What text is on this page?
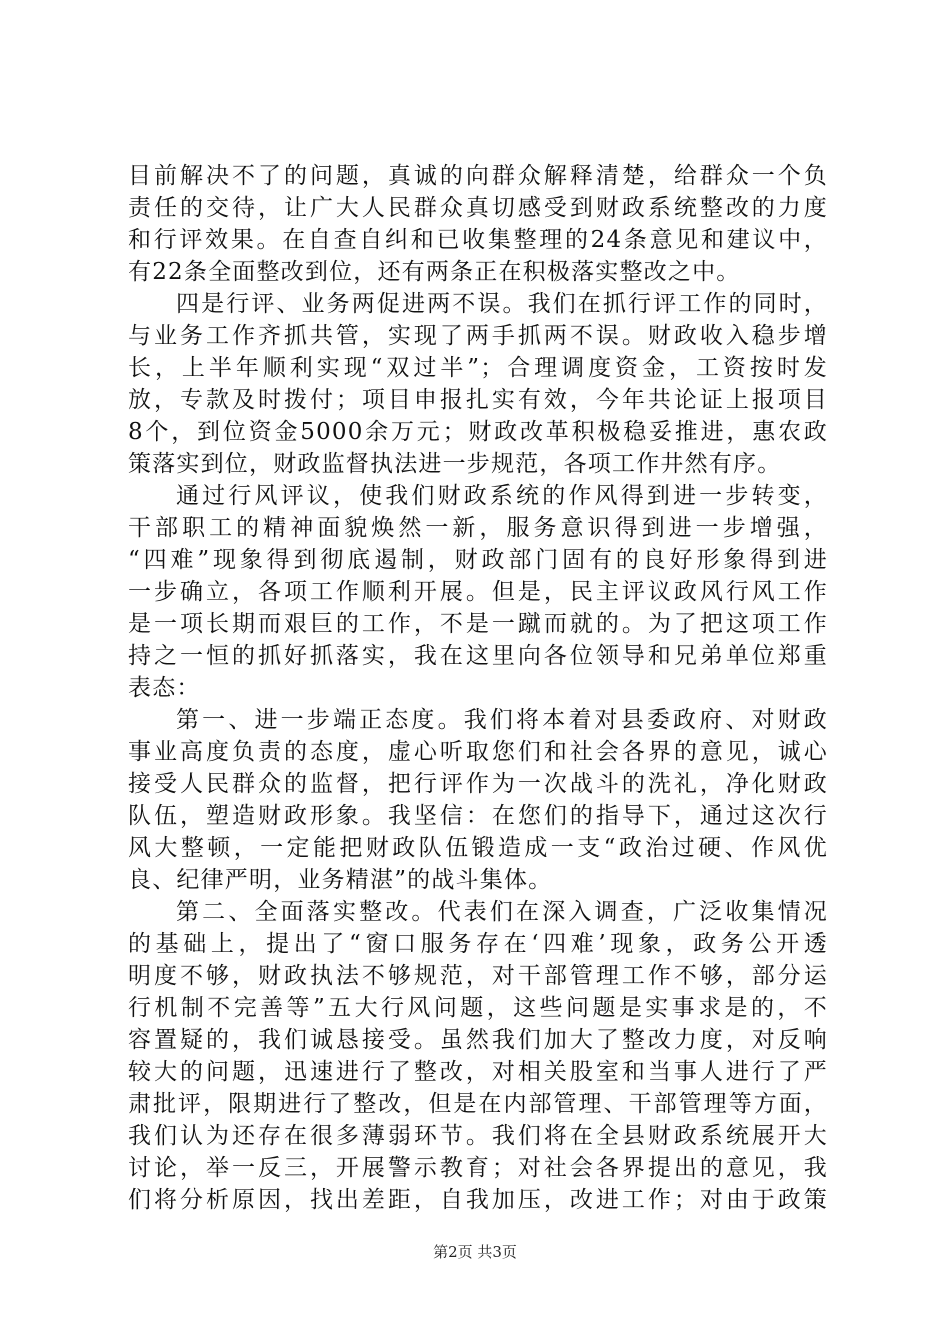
目前解决不了的问题，真诚的向群众解释清楚，给群众一个负
责任的交待，让广大人民群众真切感受到财政系统整改的力度
和行评效果。在自查自纠和已收集整理的24条意见和建议中，
有22条全面整改到位，还有两条正在积极落实整改之中。
四是行评、业务两促进两不误。我们在抓行评工作的同时，
与业务工作齐抓共管，实现了两手抓两不误。财政收入稳步增
长，上半年顺利实现“双过半”；合理调度资金，工资按时发
放，专款及时拨付；项目申报扎实有效，今年共论证上报项目
8个，到位资金5000余万元；财政改革积极稳妥推进，惠农政
策落实到位，财政监督执法进一步规范，各项工作井然有序。
通过行风评议，使我们财政系统的作风得到进一步转变，
干部职工的精神面貌焕然一新，服务意识得到进一步增强，
“四难”现象得到彻底遏制，财政部门固有的良好形象得到进
一步确立，各项工作顺利开展。但是，民主评议政风行风工作
是一项长期而艰巨的工作，不是一蹴而就的。为了把这项工作
持之一恒的抓好抓落实，我在这里向各位领导和兄弟单位郑重
表态：
第一、进一步端正态度。我们将本着对县委政府、对财政
事业高度负责的态度，虚心听取您们和社会各界的意见，诚心
接受人民群众的监督，把行评作为一次战斗的洗礼，净化财政
队伍，塑造财政形象。我坚信：在您们的指导下，通过这次行
风大整顿，一定能把财政队伍锻造成一支“政治过硬、作风优
良、纪律严明，业务精湛”的战斗集体。
第二、全面落实整改。代表们在深入调查，广泛收集情况
的基础上，提出了“窗口服务存在‘四难’现象，政务公开透
明度不够，财政执法不够规范，对干部管理工作不够，部分运
行机制不完善等”五大行风问题，这些问题是实事求是的，不
容置疑的，我们诚恳接受。虽然我们加大了整改力度，对反响
较大的问题，迅速进行了整改，对相关股室和当事人进行了严
肃批评，限期进行了整改，但是在内部管理、干部管理等方面，
我们认为还存在很多薄弱环节。我们将在全县财政系统展开大
讨论，举一反三，开展警示教育；对社会各界提出的意见，我
们将分析原因，找出差距，自我加压，改进工作；对由于政策
第2页 共3页
